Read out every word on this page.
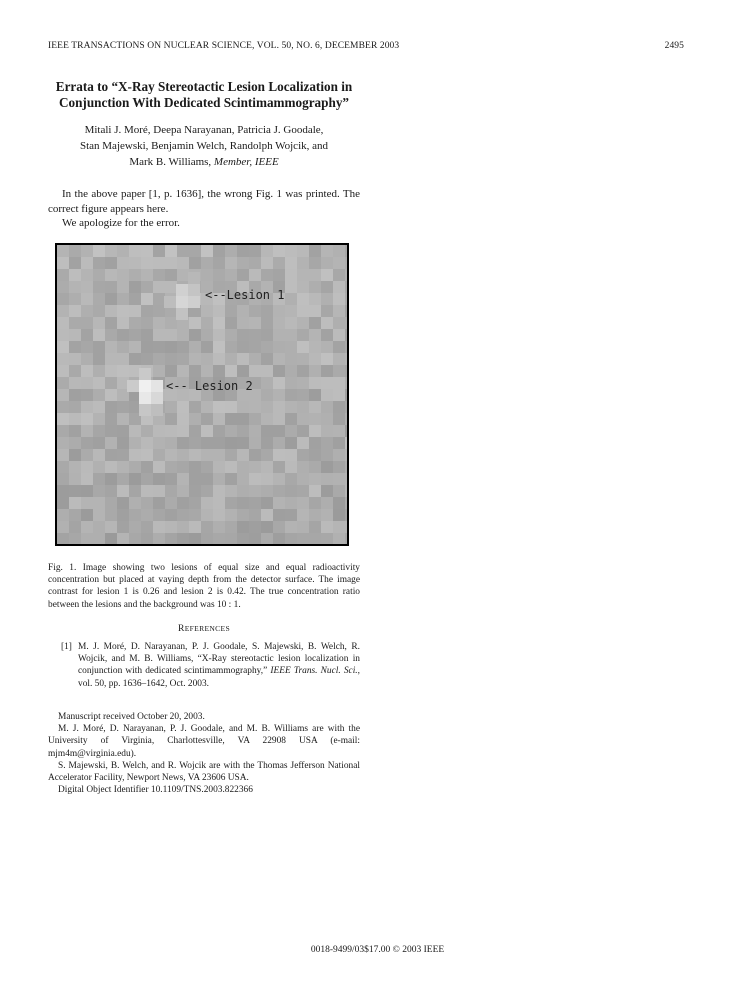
IEEE TRANSACTIONS ON NUCLEAR SCIENCE, VOL. 50, NO. 6, DECEMBER 2003	2495
Errata to “X-Ray Stereotactic Lesion Localization in
Conjunction With Dedicated Scintimammography”
Mitali J. Moré, Deepa Narayanan, Patricia J. Goodale,
Stan Majewski, Benjamin Welch, Randolph Wojcik, and
Mark B. Williams, Member, IEEE

In the above paper [1, p. 1636], the wrong Fig. 1 was printed. The correct figure appears here.

We apologize for the error.

<--Lesion 1
<-- Lesion 2
Fig. 1. Image showing two lesions of equal size and equal radioactivity concentration but placed at vaying depth from the detector surface. The image contrast for lesion 1 is 0.26 and lesion 2 is 0.42. The true concentration ratio between the lesions and the background was 10 : 1.
REFERENCES
[1] M. J. Moré, D. Narayanan, P. J. Goodale, S. Majewski, B. Welch, R. Wojcik, and M. B. Williams, “X-Ray stereotactic lesion localization in conjunction with dedicated scintimammography,” IEEE Trans. Nucl. Sci., vol. 50, pp. 1636–1642, Oct. 2003.

Manuscript received October 20, 2003.

M. J. Moré, D. Narayanan, P. J. Goodale, and M. B. Williams are with the University of Virginia, Charlottesville, VA 22908 USA (e-mail: mjm4m@virginia.edu).

S. Majewski, B. Welch, and R. Wojcik are with the Thomas Jefferson National Accelerator Facility, Newport News, VA 23606 USA.

Digital Object Identifier 10.1109/TNS.2003.822366

0018-9499/03$17.00 © 2003 IEEE
